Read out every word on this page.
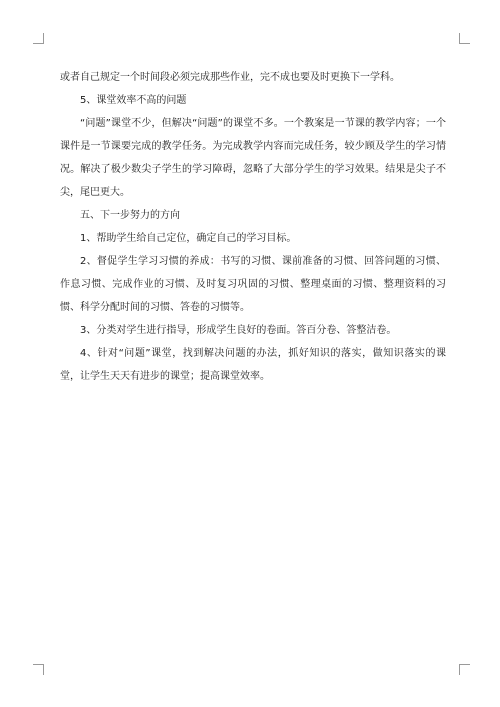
或者自己规定一个时间段必须完成那些作业，完不成也要及时更换下一学科。

5、课堂效率不高的问题

“问题”课堂不少，但解决“问题”的课堂不多。一个教案是一节课的教学内容；一个课件是一节课要完成的教学任务。为完成教学内容而完成任务，较少顾及学生的学习情况。解决了极少数尖子学生的学习障碍，忽略了大部分学生的学习效果。结果是尖子不尖，尾巴更大。

五、下一步努力的方向

1、帮助学生给自己定位，确定自己的学习目标。

2、督促学生学习习惯的养成：书写的习惯、课前准备的习惯、回答问题的习惯、作息习惯、完成作业的习惯、及时复习巩固的习惯、整理桌面的习惯、整理资料的习惯、科学分配时间的习惯、答卷的习惯等。

3、分类对学生进行指导，形成学生良好的卷面。答百分卷、答整洁卷。

4、针对“问题”课堂，找到解决问题的办法，抓好知识的落实，做知识落实的课堂，让学生天天有进步的课堂；提高课堂效率。
